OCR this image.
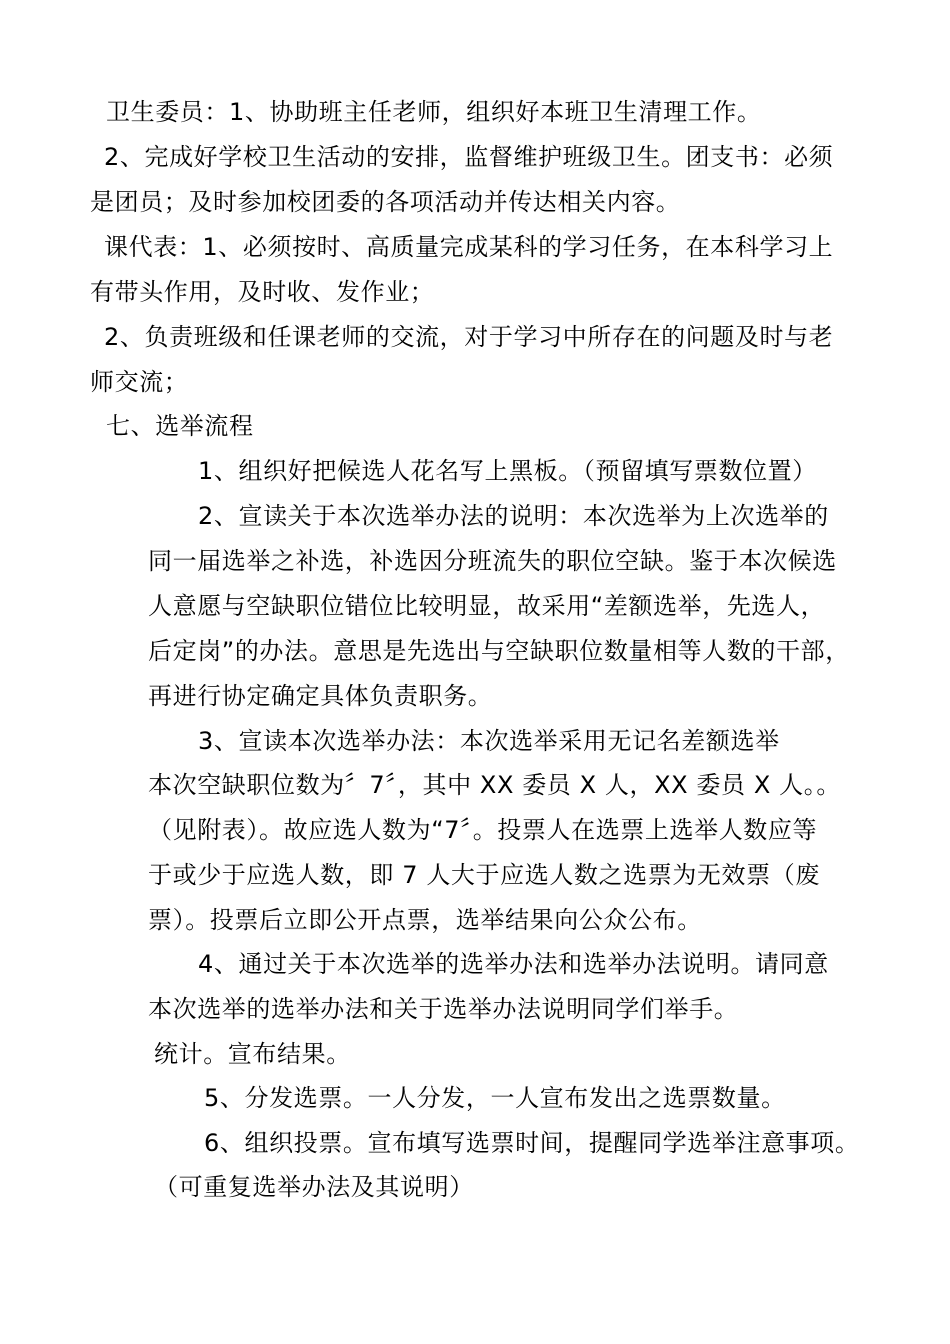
卫生委员：1、协助班主任老师，组织好本班卫生清理工作。
2、完成好学校卫生活动的安排，监督维护班级卫生。团支书：必须
是团员；及时参加校团委的各项活动并传达相关内容。
课代表：1、必须按时、高质量完成某科的学习任务，在本科学习上
有带头作用，及时收、发作业；
2、负责班级和任课老师的交流，对于学习中所存在的问题及时与老
师交流；
七、选举流程
1、组织好把候选人花名写上黑板。（预留填写票数位置）
2、宣读关于本次选举办法的说明：本次选举为上次选举的
同一届选举之补选，补选因分班流失的职位空缺。鉴于本次候选
人意愿与空缺职位错位比较明显，故采用“差额选举，先选人，
后定岗”的办法。意思是先选出与空缺职位数量相等人数的干部，
再进行协定确定具体负责职务。
3、宣读本次选举办法：本次选举采用无记名差额选举
本次空缺职位数为〞7〞，其中 XX 委员 X 人，XX 委员 X 人。。
（见附表）。故应选人数为“7〞。投票人在选票上选举人数应等
于或少于应选人数，即 7 人大于应选人数之选票为无效票（废
票）。投票后立即公开点票，选举结果向公众公布。
4、通过关于本次选举的选举办法和选举办法说明。请同意
本次选举的选举办法和关于选举办法说明同学们举手。
统计。宣布结果。
5、分发选票。一人分发，一人宣布发出之选票数量。
6、组织投票。宣布填写选票时间，提醒同学选举注意事项。
（可重复选举办法及其说明）
